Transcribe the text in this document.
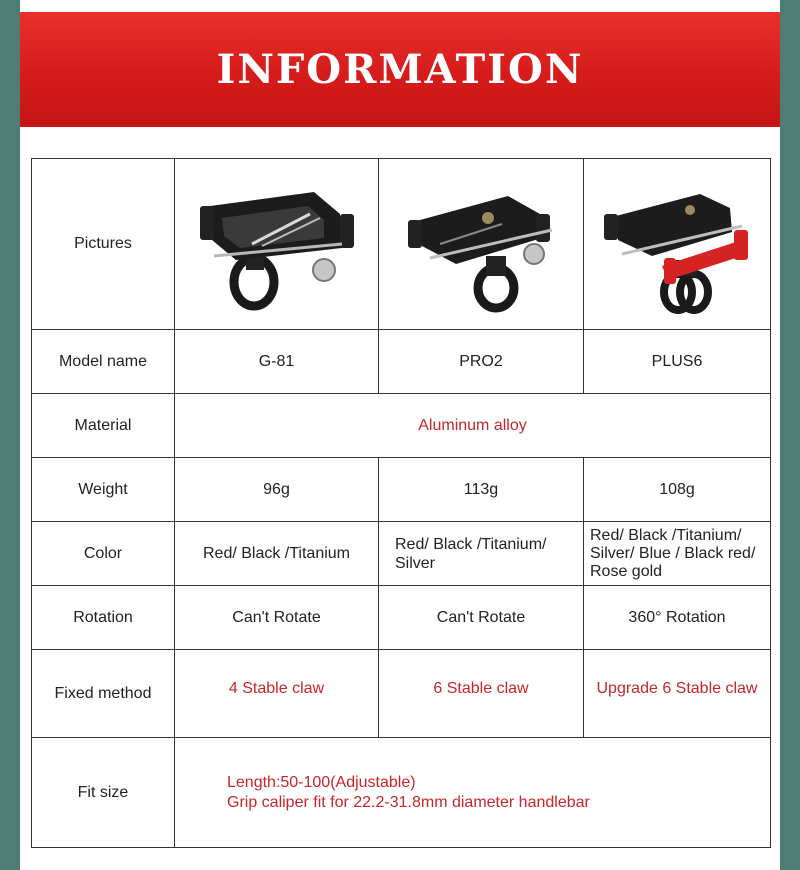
INFORMATION
Pictures	

Model name	G-81	PRO2	PLUS6
Material	Aluminum alloy		
Weight	96g	113g	108g
Color	Red/ Black /Titanium	Red/ Black /Titanium/ Silver	Red/ Black /Titanium/ Silver/ Blue / Black red/ Rose gold
Rotation	Can't Rotate	Can't Rotate	360° Rotation
Fixed method	4 Stable claw	6 Stable claw	Upgrade 6 Stable claw
Fit size	Length:50-100(Adjustable)
Grip caliper fit for 22.2-31.8mm diameter handlebar		
